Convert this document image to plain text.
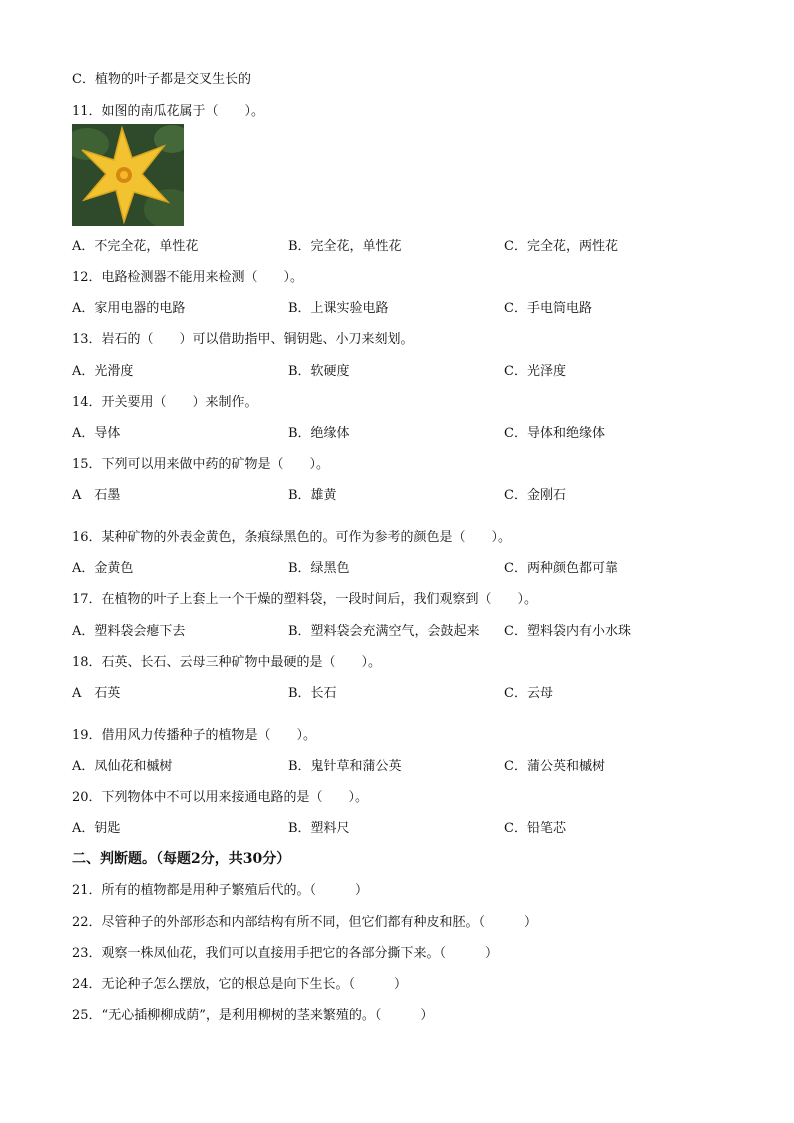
C．植物的叶子都是交叉生长的
11．如图的南瓜花属于（　　）。
A．不完全花，单性花	B．完全花，单性花	C．完全花，两性花
12．电路检测器不能用来检测（　　）。
A．家用电器的电路	B．上课实验电路	C．手电筒电路
13．岩石的（　　）可以借助指甲、铜钥匙、小刀来刻划。
A．光滑度	B．软硬度	C．光泽度
14．开关要用（　　）来制作。
A．导体	B．绝缘体	C．导体和绝缘体
15．下列可以用来做中药的矿物是（　　）。
A　石墨	B．雄黄	C．金刚石
16．某种矿物的外表金黄色，条痕绿黑色的。可作为参考的颜色是（　　）。
A．金黄色	B．绿黑色	C．两种颜色都可靠
17．在植物的叶子上套上一个干燥的塑料袋，一段时间后，我们观察到（　　）。
A．塑料袋会瘪下去	B．塑料袋会充满空气，会鼓起来 C．塑料袋内有小水珠
18．石英、长石、云母三种矿物中最硬的是（　　）。
A　石英	B．长石	C．云母
19．借用风力传播种子的植物是（　　）。
A．凤仙花和槭树	B．鬼针草和蒲公英	C．蒲公英和槭树
20．下列物体中不可以用来接通电路的是（　　）。
A．钥匙	B．塑料尺	C．铅笔芯
二、判断题。（每题2分，共30分）
21．所有的植物都是用种子繁殖后代的。（　　　）
22．尽管种子的外部形态和内部结构有所不同，但它们都有种皮和胚。（　　　）
23．观察一株凤仙花，我们可以直接用手把它的各部分撕下来。（　　　）
24．无论种子怎么摆放，它的根总是向下生长。（　　　）
25．“无心插柳柳成荫”，是利用柳树的茎来繁殖的。（　　　）
